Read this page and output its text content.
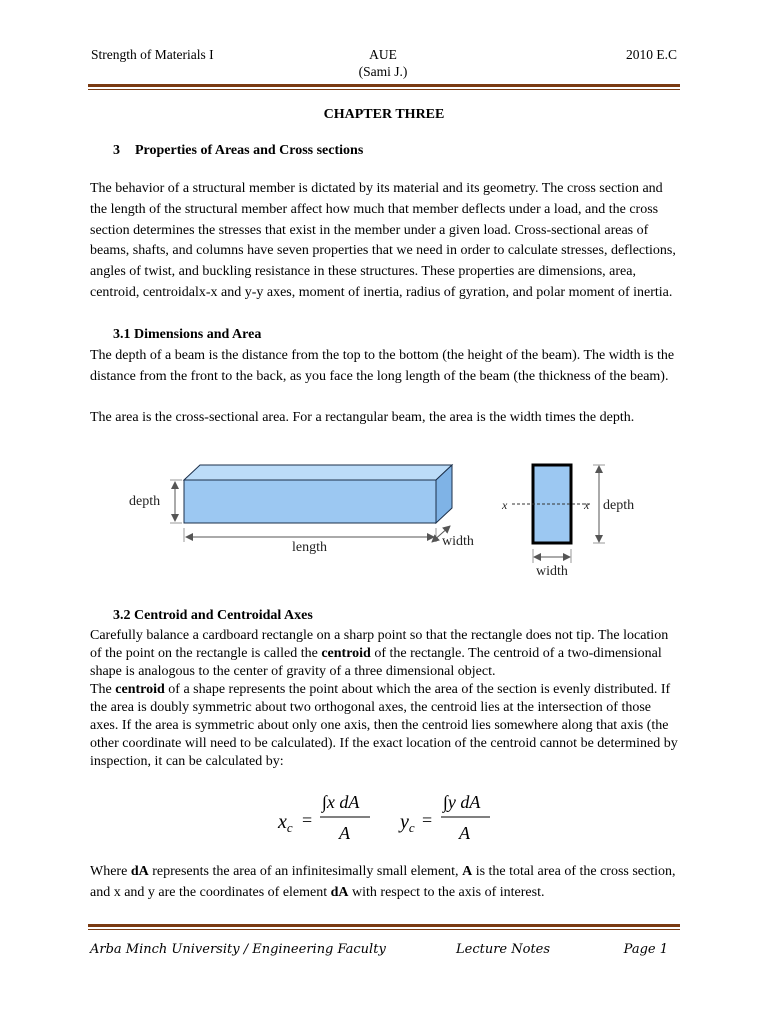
Strength of Materials I	AUE
(Sami J.)
2010 E.C
CHAPTER THREE
3 Properties of Areas and Cross sections
The behavior of a structural member is dictated by its material and its geometry. The cross section and the length of the structural member affect how much that member deflects under a load, and the cross section determines the stresses that exist in the member under a given load. Cross-sectional areas of beams, shafts, and columns have seven properties that we need in order to calculate stresses, deflections, angles of twist, and buckling resistance in these structures. These properties are dimensions, area, centroid, centroidalx-x and y-y axes, moment of inertia, radius of gyration, and polar moment of inertia.
3.1 Dimensions and Area
The depth of a beam is the distance from the top to the bottom (the height of the beam). The width is the distance from the front to the back, as you face the long length of the beam (the thickness of the beam).
The area is the cross-sectional area. For a rectangular beam, the area is the width times the depth.
depth
length	width
x	x depth
width
3.2 Centroid and Centroidal Axes
Carefully balance a cardboard rectangle on a sharp point so that the rectangle does not tip. The location of the point on the rectangle is called the centroid of the rectangle. The centroid of a two-dimensional shape is analogous to the center of gravity of a three dimensional object.
The centroid of a shape represents the point about which the area of the section is evenly distributed. If the area is doubly symmetric about two orthogonal axes, the centroid lies at the intersection of those axes. If the area is symmetric about only one axis, then the centroid lies somewhere along that axis (the other coordinate will need to be calculated). If the exact location of the centroid cannot be determined by inspection, it can be calculated by:
$x_c$ =
∫x dA
A	$y_c$ =
∫y dA
A
Where dA represents the area of an infinitesimally small element, A is the total area of the cross section, and x and y are the coordinates of element dA with respect to the axis of interest.
Arba Minch University / Engineering Faculty	Lecture Notes	Page 1
